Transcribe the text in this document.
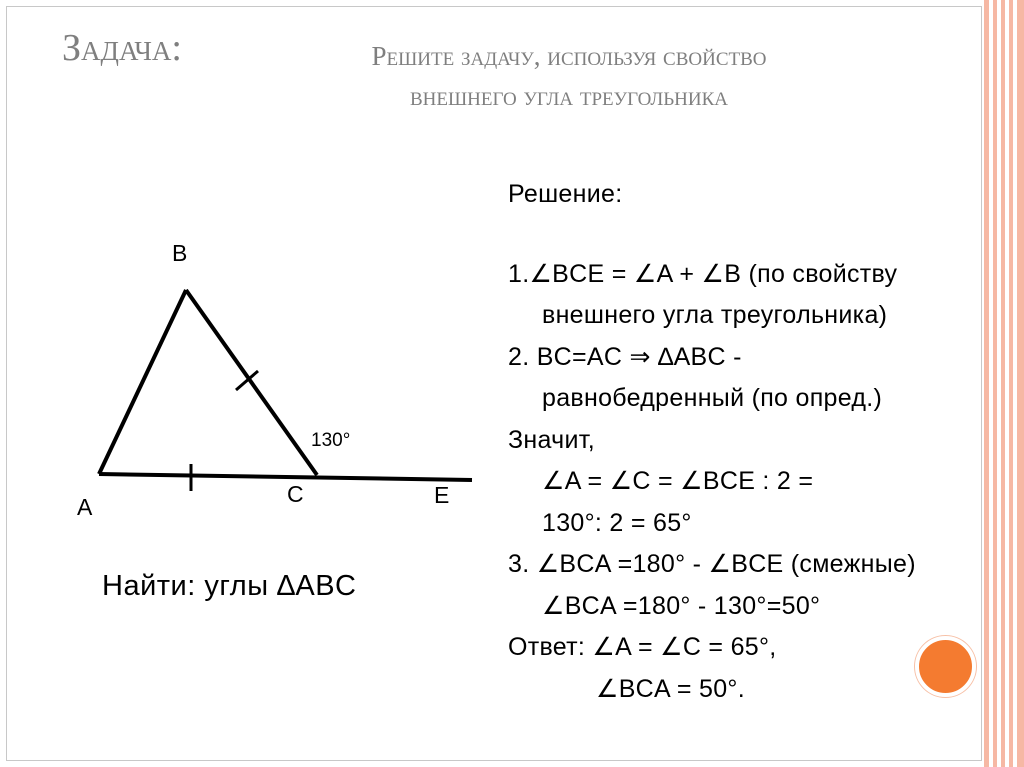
Задача:	Решите задачу, используя свойство
внешнего угла треугольника
B
A	C	E
130°
Найти: углы ∆ABC
Решение:
1.∠BCE = ∠A + ∠B (по свойству
внешнего угла треугольника)
2. BC=AC ⇒ ∆ABC -
равнобедренный (по опред.)
Значит,
∠A = ∠C = ∠BCE : 2 =
130°: 2 = 65°
3. ∠BCA =180° - ∠BCE (смежные)
∠BCA =180° - 130°=50°
Ответ: ∠A = ∠C = 65°,
∠BCA = 50°.
